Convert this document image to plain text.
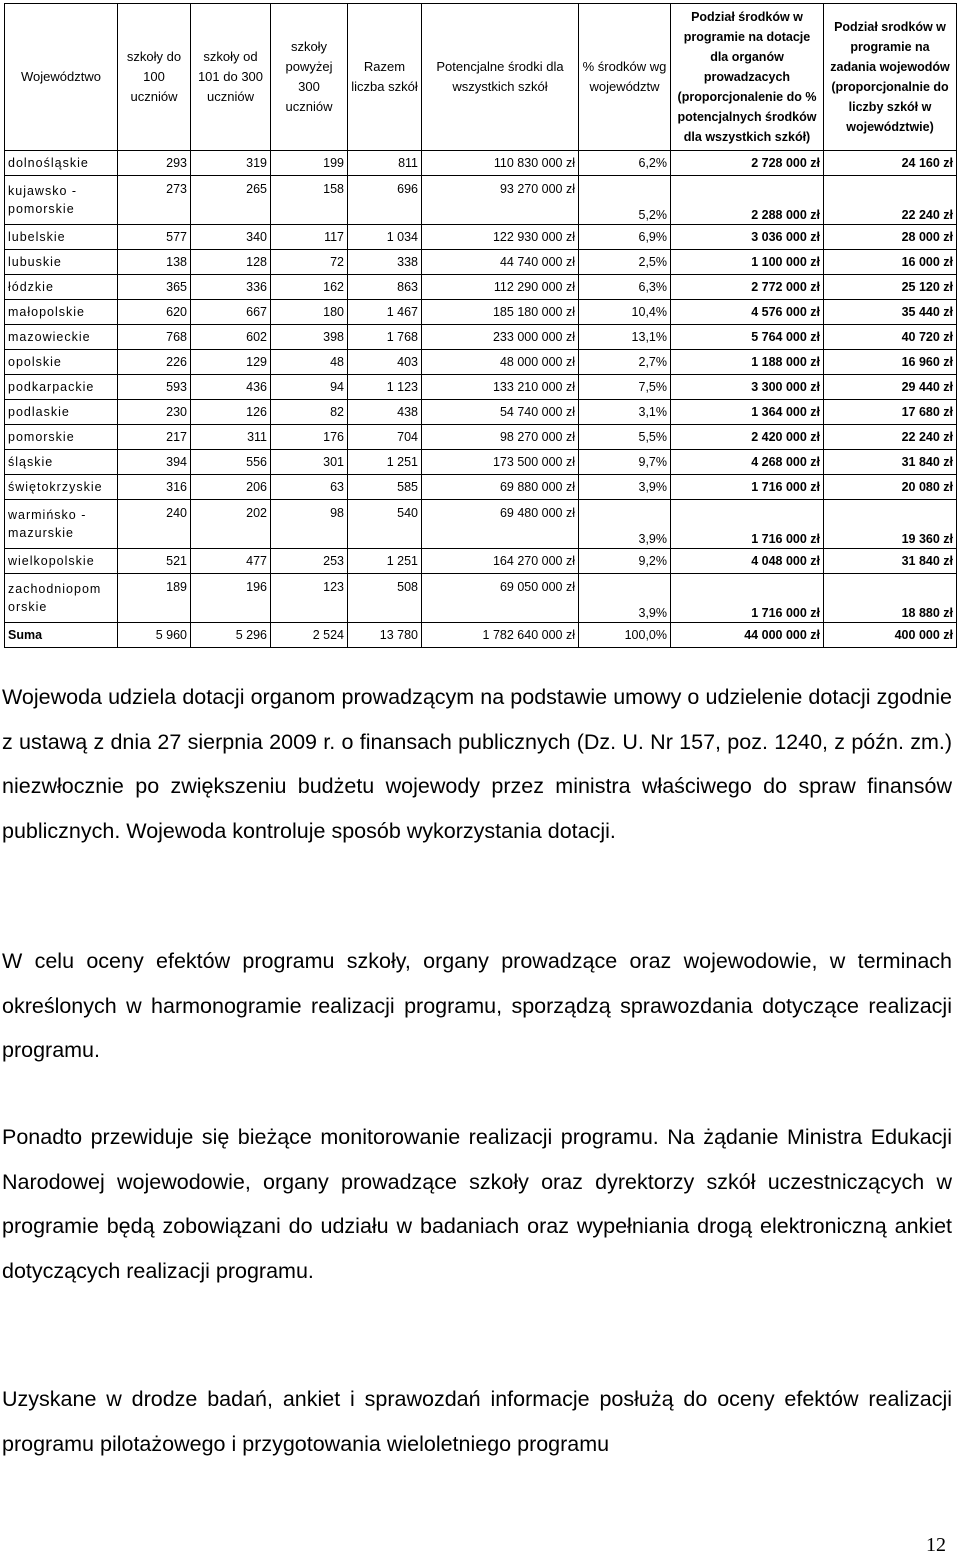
Województwo	szkoły do 100 uczniów	szkoły od 101 do 300 uczniów	szkoły powyżej 300 uczniów	Razem liczba szkół	Potencjalne środki dla wszystkich szkół	% środków wg województw	Podział środków w programie na dotacje dla organów prowadzacych (proporcjonalenie do % potencjalnych środków dla wszystkich szkół)	Podział srodków w programie na zadania wojewodów (proporcjonalnie do liczby szkół w województwie)
dolnośląskie	293	319	199	811	110 830 000 zł	6,2%	2 728 000 zł	24 160 zł
kujawsko - pomorskie	273	265	158	696	93 270 000 zł	5,2%	2 288 000 zł	22 240 zł
lubelskie	577	340	117	1 034	122 930 000 zł	6,9%	3 036 000 zł	28 000 zł
lubuskie	138	128	72	338	44 740 000 zł	2,5%	1 100 000 zł	16 000 zł
łódzkie	365	336	162	863	112 290 000 zł	6,3%	2 772 000 zł	25 120 zł
małopolskie	620	667	180	1 467	185 180 000 zł	10,4%	4 576 000 zł	35 440 zł
mazowieckie	768	602	398	1 768	233 000 000 zł	13,1%	5 764 000 zł	40 720 zł
opolskie	226	129	48	403	48 000 000 zł	2,7%	1 188 000 zł	16 960 zł
podkarpackie	593	436	94	1 123	133 210 000 zł	7,5%	3 300 000 zł	29 440 zł
podlaskie	230	126	82	438	54 740 000 zł	3,1%	1 364 000 zł	17 680 zł
pomorskie	217	311	176	704	98 270 000 zł	5,5%	2 420 000 zł	22 240 zł
śląskie	394	556	301	1 251	173 500 000 zł	9,7%	4 268 000 zł	31 840 zł
świętokrzyskie	316	206	63	585	69 880 000 zł	3,9%	1 716 000 zł	20 080 zł
warmińsko - mazurskie	240	202	98	540	69 480 000 zł	3,9%	1 716 000 zł	19 360 zł
wielkopolskie	521	477	253	1 251	164 270 000 zł	9,2%	4 048 000 zł	31 840 zł
zachodniopom orskie	189	196	123	508	69 050 000 zł	3,9%	1 716 000 zł	18 880 zł
Suma	5 960	5 296	2 524	13 780	1 782 640 000 zł	100,0%	44 000 000 zł	400 000 zł

Wojewoda udziela dotacji organom prowadzącym na podstawie umowy o udzielenie dotacji zgodnie z ustawą z dnia 27 sierpnia 2009 r. o finansach publicznych (Dz. U. Nr 157, poz. 1240, z późn. zm.) niezwłocznie po zwiększeniu budżetu wojewody przez ministra właściwego do spraw finansów publicznych. Wojewoda kontroluje sposób wykorzystania dotacji.

W celu oceny efektów programu szkoły, organy prowadzące oraz wojewodowie, w terminach określonych w harmonogramie realizacji programu, sporządzą sprawozdania dotyczące realizacji programu.

Ponadto przewiduje się bieżące monitorowanie realizacji programu. Na żądanie Ministra Edukacji Narodowej wojewodowie, organy prowadzące szkoły oraz dyrektorzy szkół uczestniczących w programie będą zobowiązani do udziału w badaniach oraz wypełniania drogą elektroniczną ankiet dotyczących realizacji programu.

Uzyskane w drodze badań, ankiet i sprawozdań informacje posłużą do oceny efektów realizacji programu pilotażowego i przygotowania wieloletniego programu

12
